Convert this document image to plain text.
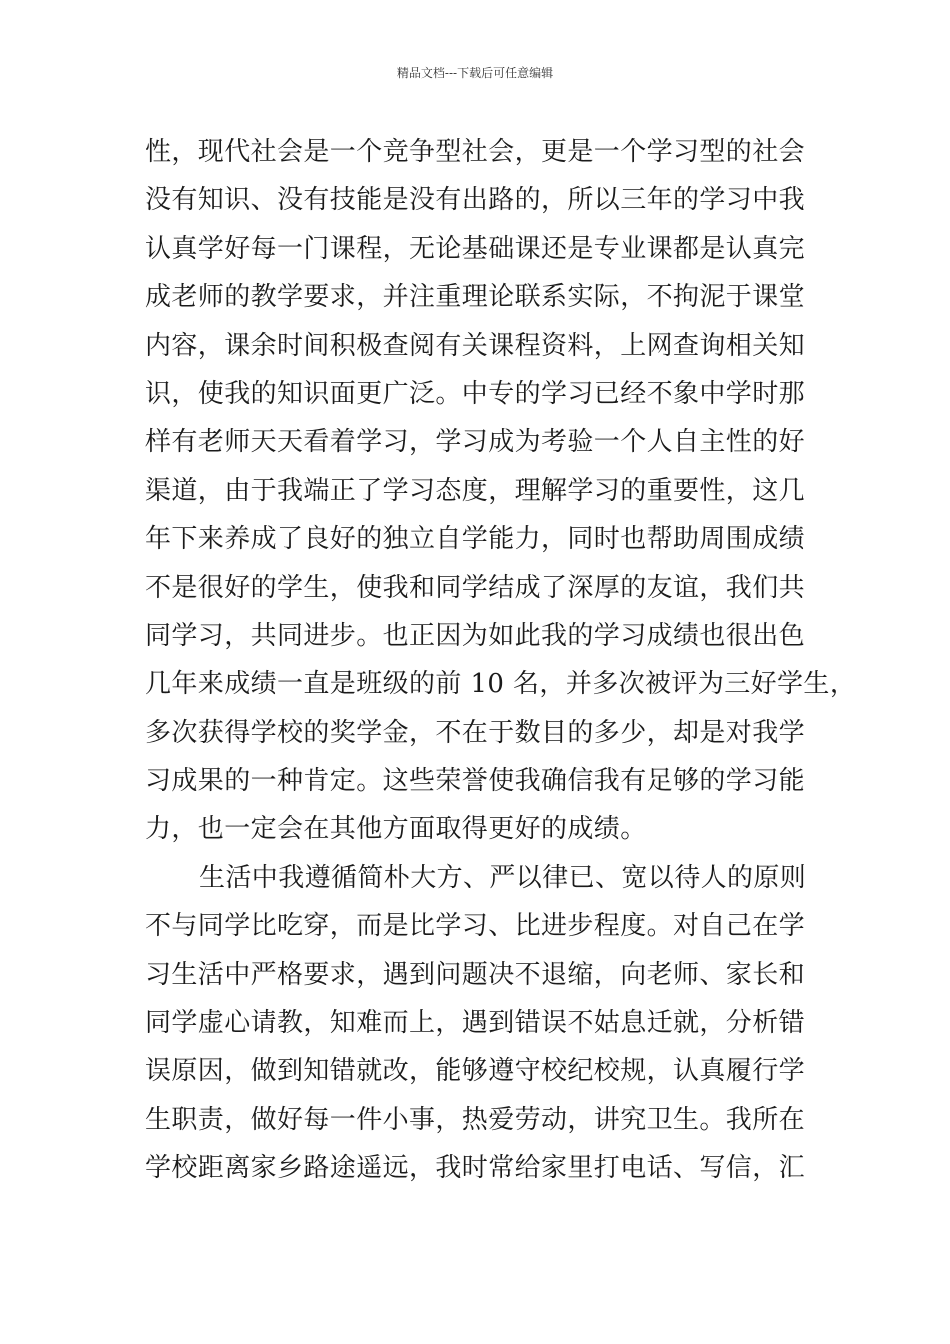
精品文档---下载后可任意编辑
性，现代社会是一个竞争型社会，更是一个学习型的社会
没有知识、没有技能是没有出路的，所以三年的学习中我
认真学好每一门课程，无论基础课还是专业课都是认真完
成老师的教学要求，并注重理论联系实际，不拘泥于课堂
内容，课余时间积极查阅有关课程资料，上网查询相关知
识，使我的知识面更广泛。中专的学习已经不象中学时那
样有老师天天看着学习，学习成为考验一个人自主性的好
渠道，由于我端正了学习态度，理解学习的重要性，这几
年下来养成了良好的独立自学能力，同时也帮助周围成绩
不是很好的学生，使我和同学结成了深厚的友谊，我们共
同学习，共同进步。也正因为如此我的学习成绩也很出色
几年来成绩一直是班级的前 10 名，并多次被评为三好学生，
多次获得学校的奖学金，不在于数目的多少，却是对我学
习成果的一种肯定。这些荣誉使我确信我有足够的学习能
力，也一定会在其他方面取得更好的成绩。
生活中我遵循简朴大方、严以律已、宽以待人的原则
不与同学比吃穿，而是比学习、比进步程度。对自己在学
习生活中严格要求，遇到问题决不退缩，向老师、家长和
同学虚心请教，知难而上，遇到错误不姑息迁就，分析错
误原因，做到知错就改，能够遵守校纪校规，认真履行学
生职责，做好每一件小事，热爱劳动，讲究卫生。我所在
学校距离家乡路途遥远，我时常给家里打电话、写信，汇
